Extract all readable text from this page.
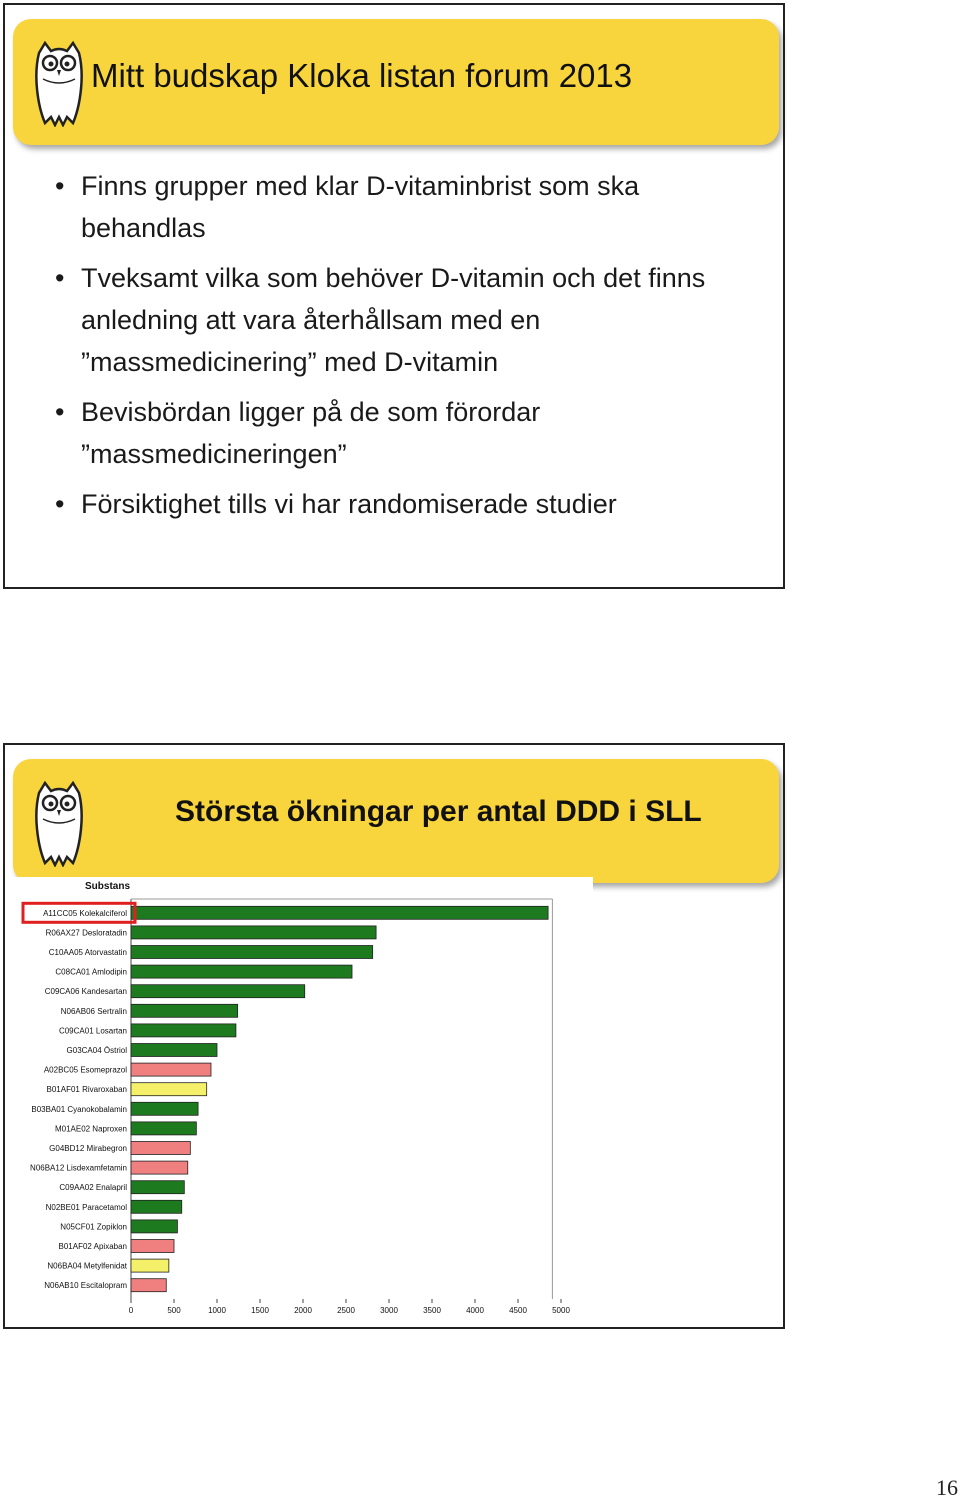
Mitt budskap Kloka listan forum 2013
• Finns grupper med klar D-vitaminbrist som ska behandlas
• Tveksamt vilka som behöver D-vitamin och det finns anledning att vara återhållsam med en ”massmedicinering” med D-vitamin
• Bevisbördan ligger på de som förordar ”massmedicineringen”
• Försiktighet tills vi har randomiserade studier
Största ökningar per antal DDD i SLL
Substans
A11CC05 Kolekalciferol
R06AX27 Desloratadin
C10AA05 Atorvastatin
C08CA01 Amlodipin
C09CA06 Kandesartan
N06AB06 Sertralin
C09CA01 Losartan
G03CA04 Östriol
A02BC05 Esomeprazol
B01AF01 Rivaroxaban
B03BA01 Cyanokobalamin
M01AE02 Naproxen
G04BD12 Mirabegron
N06BA12 Lisdexamfetamin
C09AA02 Enalapril
N02BE01 Paracetamol
N05CF01 Zopiklon
B01AF02 Apixaban
N06BA04 Metylfenidat
N06AB10 Escitalopram
0	500	1000	1500	2000	2500	3000	3500	4000	4500	5000
16
